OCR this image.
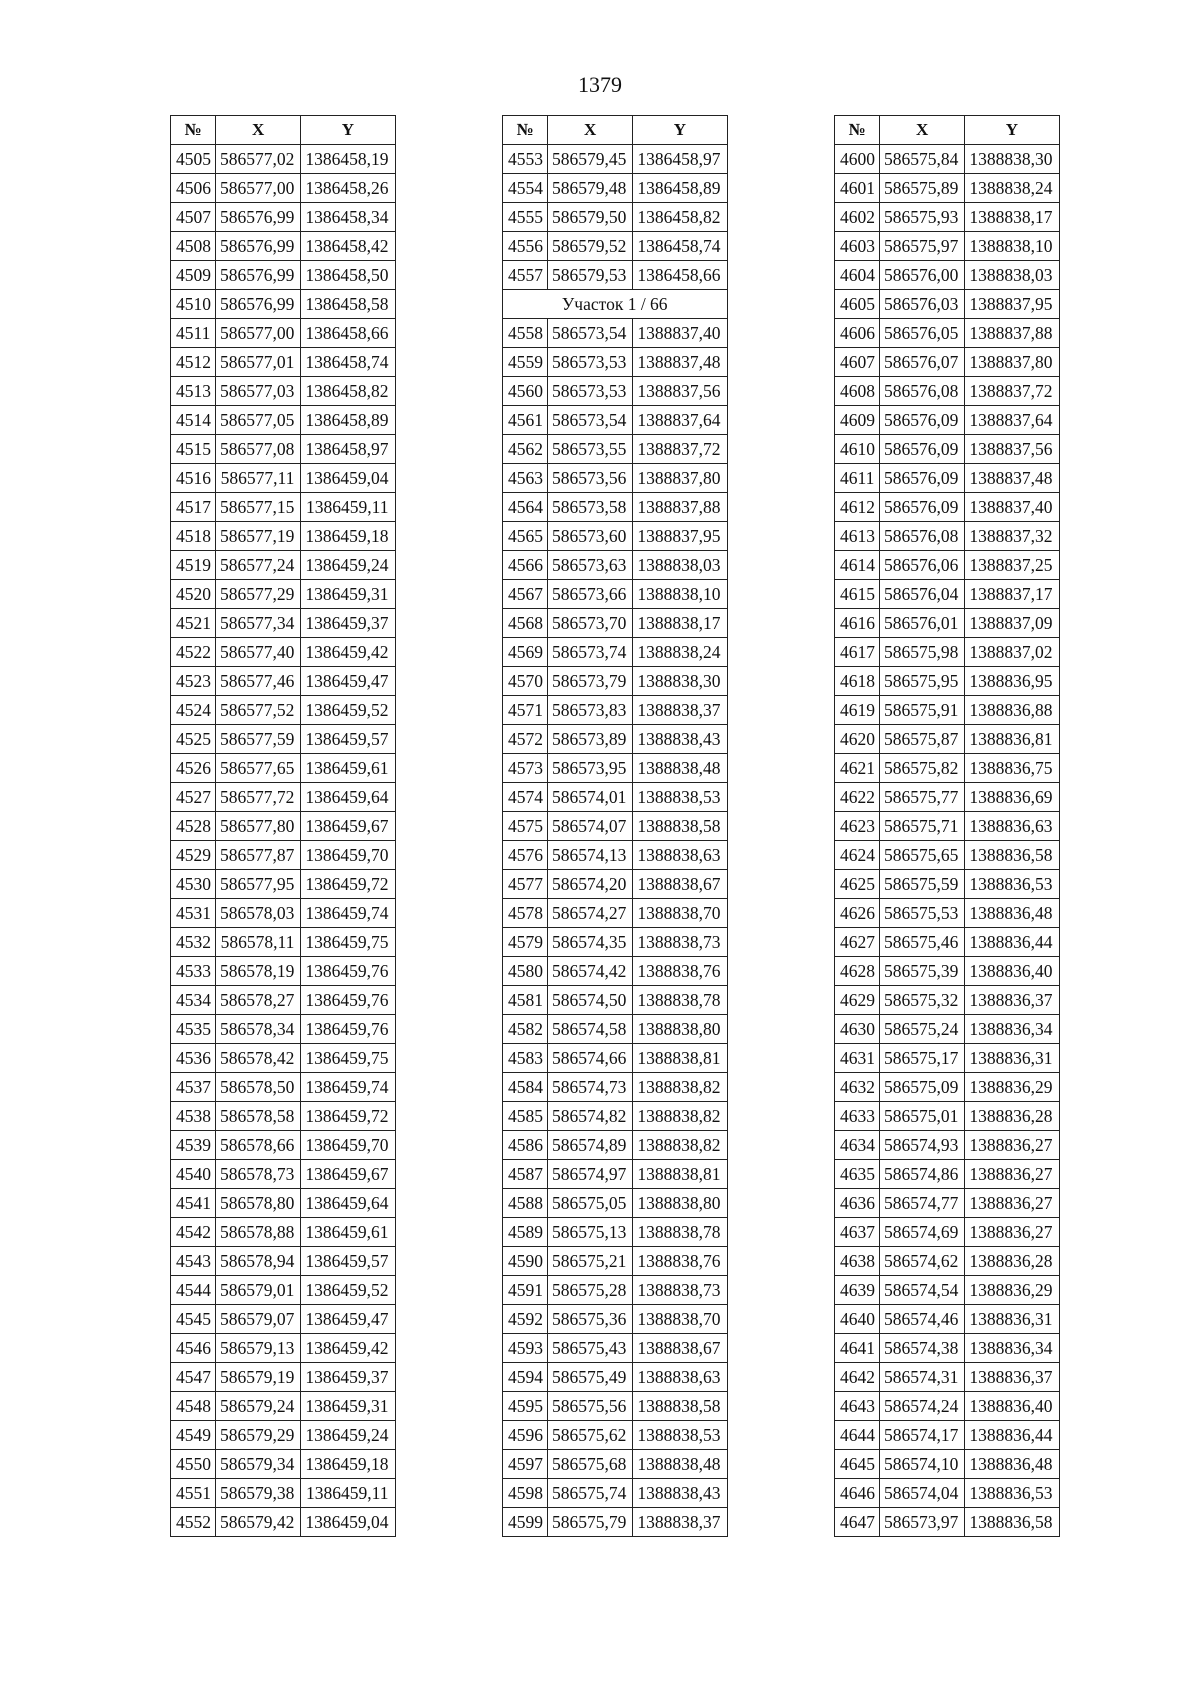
1379
№	X	Y
4505	586577,02	1386458,19
4506	586577,00	1386458,26
4507	586576,99	1386458,34
4508	586576,99	1386458,42
4509	586576,99	1386458,50
4510	586576,99	1386458,58
4511	586577,00	1386458,66
4512	586577,01	1386458,74
4513	586577,03	1386458,82
4514	586577,05	1386458,89
4515	586577,08	1386458,97
4516	586577,11	1386459,04
4517	586577,15	1386459,11
4518	586577,19	1386459,18
4519	586577,24	1386459,24
4520	586577,29	1386459,31
4521	586577,34	1386459,37
4522	586577,40	1386459,42
4523	586577,46	1386459,47
4524	586577,52	1386459,52
4525	586577,59	1386459,57
4526	586577,65	1386459,61
4527	586577,72	1386459,64
4528	586577,80	1386459,67
4529	586577,87	1386459,70
4530	586577,95	1386459,72
4531	586578,03	1386459,74
4532	586578,11	1386459,75
4533	586578,19	1386459,76
4534	586578,27	1386459,76
4535	586578,34	1386459,76
4536	586578,42	1386459,75
4537	586578,50	1386459,74
4538	586578,58	1386459,72
4539	586578,66	1386459,70
4540	586578,73	1386459,67
4541	586578,80	1386459,64
4542	586578,88	1386459,61
4543	586578,94	1386459,57
4544	586579,01	1386459,52
4545	586579,07	1386459,47
4546	586579,13	1386459,42
4547	586579,19	1386459,37
4548	586579,24	1386459,31
4549	586579,29	1386459,24
4550	586579,34	1386459,18
4551	586579,38	1386459,11
4552	586579,42	1386459,04
№	X	Y
4553	586579,45	1386458,97
4554	586579,48	1386458,89
4555	586579,50	1386458,82
4556	586579,52	1386458,74
4557	586579,53	1386458,66
Участок 1 / 66		
4558	586573,54	1388837,40
4559	586573,53	1388837,48
4560	586573,53	1388837,56
4561	586573,54	1388837,64
4562	586573,55	1388837,72
4563	586573,56	1388837,80
4564	586573,58	1388837,88
4565	586573,60	1388837,95
4566	586573,63	1388838,03
4567	586573,66	1388838,10
4568	586573,70	1388838,17
4569	586573,74	1388838,24
4570	586573,79	1388838,30
4571	586573,83	1388838,37
4572	586573,89	1388838,43
4573	586573,95	1388838,48
4574	586574,01	1388838,53
4575	586574,07	1388838,58
4576	586574,13	1388838,63
4577	586574,20	1388838,67
4578	586574,27	1388838,70
4579	586574,35	1388838,73
4580	586574,42	1388838,76
4581	586574,50	1388838,78
4582	586574,58	1388838,80
4583	586574,66	1388838,81
4584	586574,73	1388838,82
4585	586574,82	1388838,82
4586	586574,89	1388838,82
4587	586574,97	1388838,81
4588	586575,05	1388838,80
4589	586575,13	1388838,78
4590	586575,21	1388838,76
4591	586575,28	1388838,73
4592	586575,36	1388838,70
4593	586575,43	1388838,67
4594	586575,49	1388838,63
4595	586575,56	1388838,58
4596	586575,62	1388838,53
4597	586575,68	1388838,48
4598	586575,74	1388838,43
4599	586575,79	1388838,37
№	X	Y
4600	586575,84	1388838,30
4601	586575,89	1388838,24
4602	586575,93	1388838,17
4603	586575,97	1388838,10
4604	586576,00	1388838,03
4605	586576,03	1388837,95
4606	586576,05	1388837,88
4607	586576,07	1388837,80
4608	586576,08	1388837,72
4609	586576,09	1388837,64
4610	586576,09	1388837,56
4611	586576,09	1388837,48
4612	586576,09	1388837,40
4613	586576,08	1388837,32
4614	586576,06	1388837,25
4615	586576,04	1388837,17
4616	586576,01	1388837,09
4617	586575,98	1388837,02
4618	586575,95	1388836,95
4619	586575,91	1388836,88
4620	586575,87	1388836,81
4621	586575,82	1388836,75
4622	586575,77	1388836,69
4623	586575,71	1388836,63
4624	586575,65	1388836,58
4625	586575,59	1388836,53
4626	586575,53	1388836,48
4627	586575,46	1388836,44
4628	586575,39	1388836,40
4629	586575,32	1388836,37
4630	586575,24	1388836,34
4631	586575,17	1388836,31
4632	586575,09	1388836,29
4633	586575,01	1388836,28
4634	586574,93	1388836,27
4635	586574,86	1388836,27
4636	586574,77	1388836,27
4637	586574,69	1388836,27
4638	586574,62	1388836,28
4639	586574,54	1388836,29
4640	586574,46	1388836,31
4641	586574,38	1388836,34
4642	586574,31	1388836,37
4643	586574,24	1388836,40
4644	586574,17	1388836,44
4645	586574,10	1388836,48
4646	586574,04	1388836,53
4647	586573,97	1388836,58
